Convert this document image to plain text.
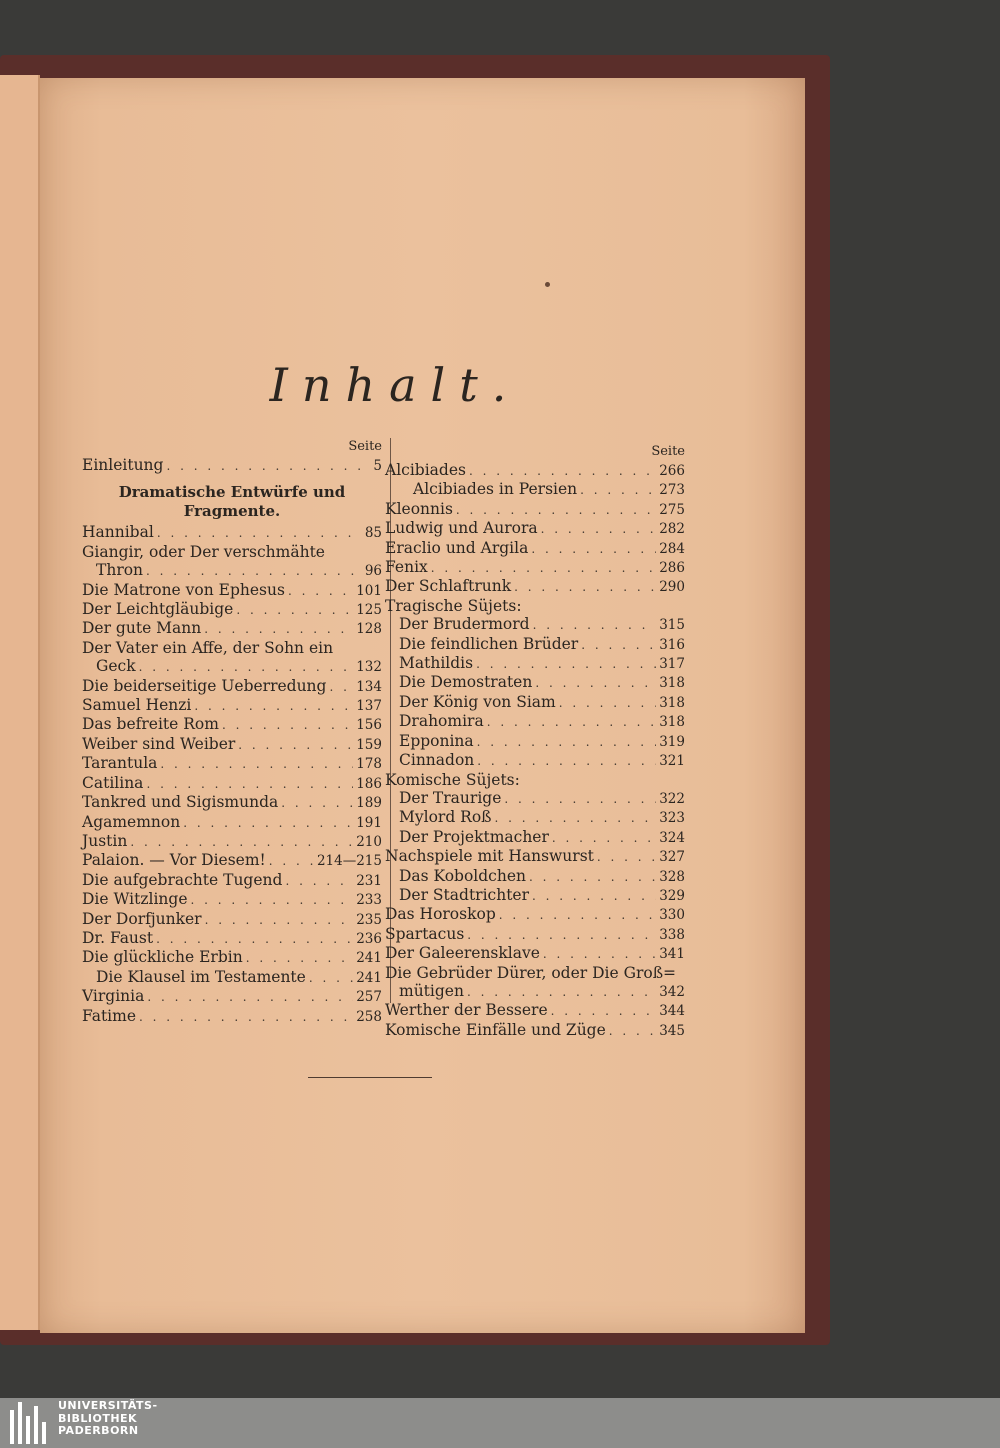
Inhalt.
Seite
Einleitung . . .	5
Dramatische Entwürfe und
Fragmente.
Hannibal . . .	85
Giangir, oder Der verschmähte
Thron . . .	96
Die Matrone von Ephesus . . .	101
Der Leichtgläubige . . .	125
Der gute Mann . . .	128
Der Vater ein Affe, der Sohn ein
Geck . . .	132
Die beiderseitige Ueberredung . . . 134
Samuel Henzi . . .	137
Das befreite Rom . . .	156
Weiber sind Weiber . . .	159
Tarantula . . .	178
Catilina . . .	186
Tankred und Sigismunda . . .	189
Agamemnon . . .	191
Justin . . .	210
Palaion. — Vor Diesem! . . .	214—215
Die aufgebrachte Tugend . . .	231
Die Witzlinge . . .	233
Der Dorfjunker . . .	235
Dr. Faust . . .	236
Die glückliche Erbin . . .	241
Die Klausel im Testamente . . .	241
Virginia . . .	257
Fatime . . .	258
Seite
Alcibiades . . .	266
Alcibiades in Persien . . .	273
Kleonnis . . .	275
Ludwig und Aurora . . .	282
Eraclio und Argila . . .	284
Fenix . . .	286
Der Schlaftrunk . . .	290
Tragische Süjets:
Der Brudermord . . .	315
Die feindlichen Brüder . . .	316
Mathildis . . .	317
Die Demostraten . . .	318
Der König von Siam . . .	318
Drahomira . . .	318
Epponina . . .	319
Cinnadon . . .	321
Komische Süjets:
Der Traurige . . .	322
Mylord Roß . . .	323
Der Projektmacher . . .	324
Nachspiele mit Hanswurst . . .	327
Das Koboldchen . . .	328
Der Stadtrichter . . .	329
Das Horoskop . . .	330
Spartacus . . .	338
Der Galeerensklave . . .	341
Die Gebrüder Dürer, oder Die Groß=
mütigen . . .	342
Werther der Bessere . . .	344
Komische Einfälle und Züge . . .	345
UNIVERSITÄTS-
BIBLIOTHEK
PADERBORN
